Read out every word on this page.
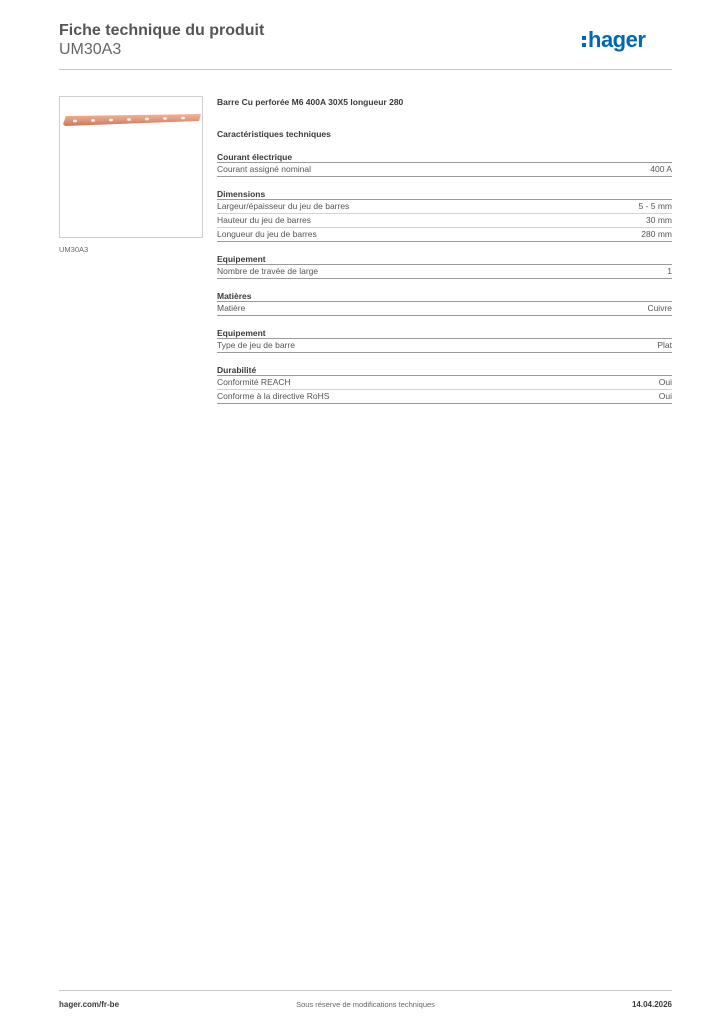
Fiche technique du produit
UM30A3	hager
UM30A3
Barre Cu perforée M6 400A 30X5 longueur 280
Caractéristiques techniques
Courant électrique
Courant assigné nominal	400 A
Dimensions
Largeur/épaisseur du jeu de barres	5 - 5 mm
Hauteur du jeu de barres	30 mm
Longueur du jeu de barres	280 mm
Equipement
Nombre de travée de large	1
Matières
Matière	Cuivre
Equipement
Type de jeu de barre	Plat
Durabilité
Conformité REACH	Oui
Conforme à la directive RoHS	Oui
Sous réserve de modifications techniques
hager.com/fr-be	14.04.2026
